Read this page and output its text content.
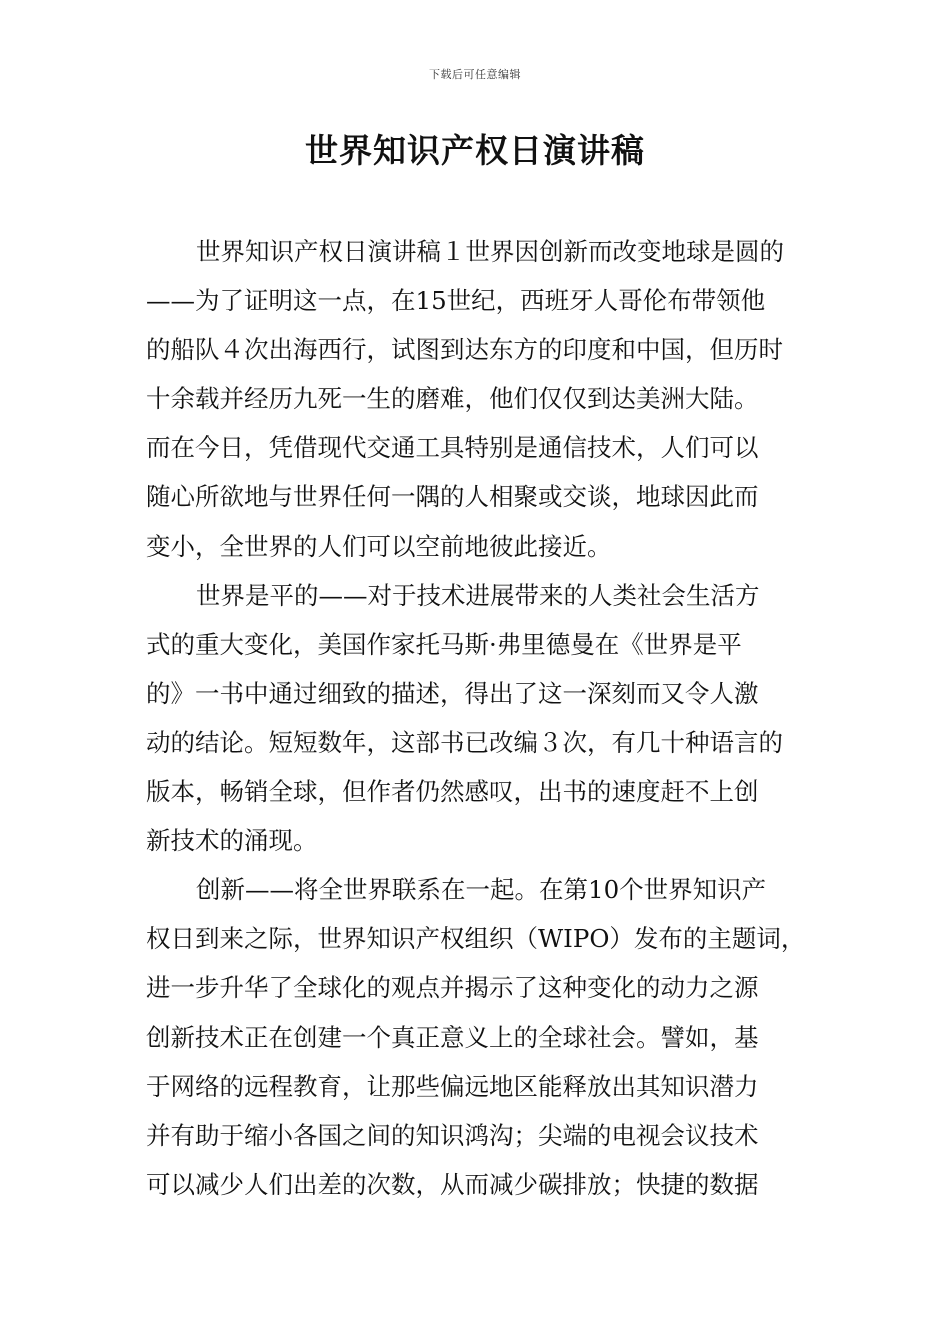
下载后可任意编辑
世界知识产权日演讲稿
世界知识产权日演讲稿１世界因创新而改变地球是圆的
——为了证明这一点，在15世纪，西班牙人哥伦布带领他
的船队４次出海西行，试图到达东方的印度和中国，但历时
十余载并经历九死一生的磨难，他们仅仅到达美洲大陆。
而在今日，凭借现代交通工具特别是通信技术，人们可以
随心所欲地与世界任何一隅的人相聚或交谈，地球因此而
变小，全世界的人们可以空前地彼此接近。
世界是平的——对于技术进展带来的人类社会生活方
式的重大变化，美国作家托马斯·弗里德曼在《世界是平
的》一书中通过细致的描述，得出了这一深刻而又令人激
动的结论。短短数年，这部书已改编３次，有几十种语言的
版本，畅销全球，但作者仍然感叹，出书的速度赶不上创
新技术的涌现。
创新——将全世界联系在一起。在第10个世界知识产
权日到来之际，世界知识产权组织（WIPO）发布的主题词，
进一步升华了全球化的观点并揭示了这种变化的动力之源
创新技术正在创建一个真正意义上的全球社会。譬如，基
于网络的远程教育，让那些偏远地区能释放出其知识潜力
并有助于缩小各国之间的知识鸿沟；尖端的电视会议技术
可以减少人们出差的次数，从而减少碳排放；快捷的数据
